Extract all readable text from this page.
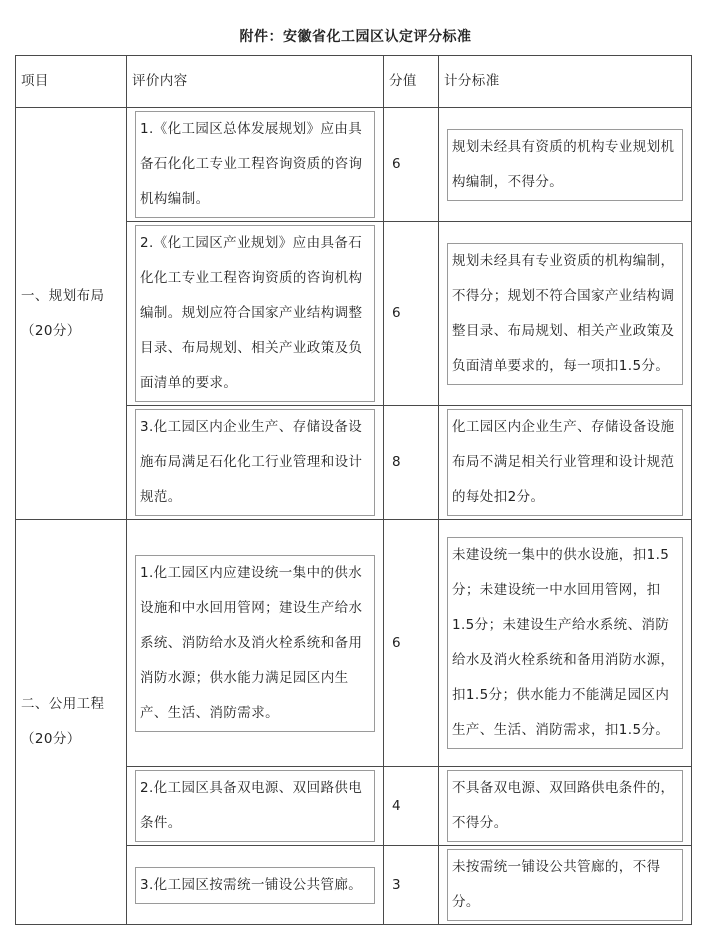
附件：安徽省化工园区认定评分标准
项目	评价内容	分值	计分标准

一、规划布局
（20分）	1.《化工园区总体发展规划》应由具备石化化工专业工程咨询资质的咨询机构编制。	6	规划未经具有资质的机构专业规划机构编制，不得分。

	2.《化工园区产业规划》应由具备石化化工专业工程咨询资质的咨询机构编制。规划应符合国家产业结构调整目录、布局规划、相关产业政策及负面清单的要求。	6	规划未经具有专业资质的机构编制，不得分；规划不符合国家产业结构调整目录、布局规划、相关产业政策及负面清单要求的，每一项扣1.5分。

	3.化工园区内企业生产、存储设备设施布局满足石化化工行业管理和设计规范。	8	化工园区内企业生产、存储设备设施布局不满足相关行业管理和设计规范的每处扣2分。

二、公用工程
（20分）	1.化工园区内应建设统一集中的供水设施和中水回用管网；建设生产给水系统、消防给水及消火栓系统和备用消防水源；供水能力满足园区内生产、生活、消防需求。	6	未建设统一集中的供水设施，扣1.5分；未建设统一中水回用管网，扣1.5分；未建设生产给水系统、消防给水及消火栓系统和备用消防水源，扣1.5分；供水能力不能满足园区内生产、生活、消防需求，扣1.5分。

	2.化工园区具备双电源、双回路供电条件。	4	不具备双电源、双回路供电条件的，不得分。

	3.化工园区按需统一铺设公共管廊。	3	未按需统一铺设公共管廊的，不得分。
